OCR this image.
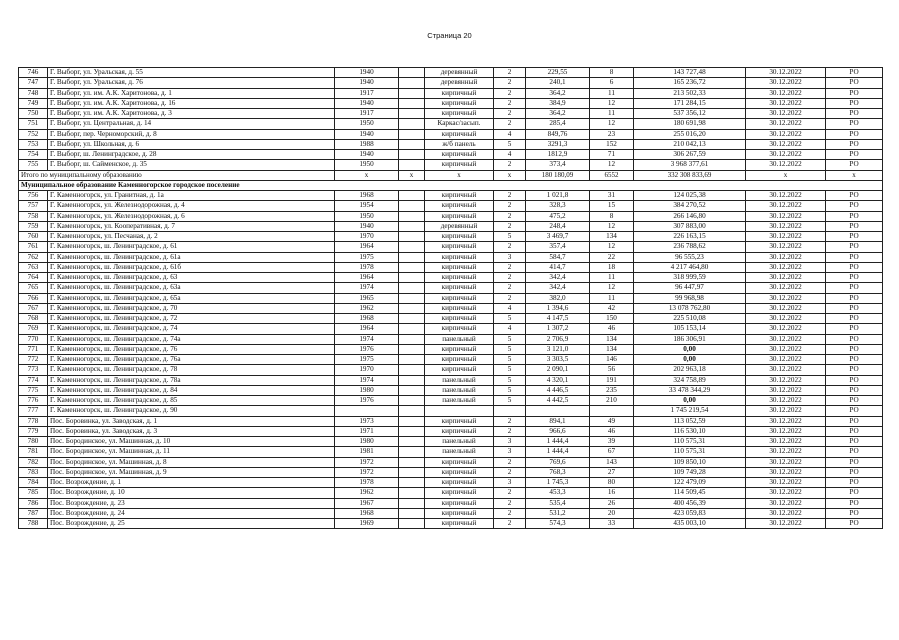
Страница 20
746	Г. Выборг, ул. Уральская, д. 55	1940		деревянный	2	229,55	8	143 727,48	30.12.2022	РО
747	Г. Выборг, ул. Уральская, д. 76	1940		деревянный	2	240,1	6	165 236,72	30.12.2022	РО
748	Г. Выборг, ул. им. А.К. Харитонова, д. 1	1917		кирпичный	2	364,2	11	213 502,33	30.12.2022	РО
749	Г. Выборг, ул. им. А.К. Харитонова, д. 16	1940		кирпичный	2	384,9	12	171 284,15	30.12.2022	РО
750	Г. Выборг, ул. им. А.К. Харитонова, д. 3	1917		кирпичный	2	364,2	11	537 356,12	30.12.2022	РО
751	Г. Выборг, ул. Центральная, д. 14	1950		Каркас/засып.	2	285,4	12	180 691,98	30.12.2022	РО
752	Г. Выборг, пер. Черноморский, д. 8	1940		кирпичный	4	849,76	23	255 016,20	30.12.2022	РО
753	Г. Выборг, ул. Школьная, д. 6	1988		ж/б панель	5	3291,3	152	210 042,13	30.12.2022	РО
754	Г. Выборг, ш. Ленинградское, д. 28	1940		кирпичный	4	1812,9	71	306 267,59	30.12.2022	РО
755	Г. Выборг, ш. Сайменское, д. 35	1950		кирпичный	2	373,4	12	3 968 377,61	30.12.2022	РО
Итого по муниципальному образованию		x	x	x	x	180 180,09	6552	332 308 833,69	x	x
Муниципальное образование Каменногорское городское поселение										
756	Г. Каменногорск, ул. Гранитная, д. 1а	1968		кирпичный	2	1 021,8	31	124 025,38	30.12.2022	РО
757	Г. Каменногорск, ул. Железнодорожная, д. 4	1954		кирпичный	2	328,3	15	384 270,52	30.12.2022	РО
758	Г. Каменногорск, ул. Железнодорожная, д. 6	1950		кирпичный	2	475,2	8	266 146,80	30.12.2022	РО
759	Г. Каменногорск, ул. Кооперативная, д. 7	1940		деревянный	2	248,4	12	307 883,00	30.12.2022	РО
760	Г. Каменногорск, ул. Песчаная, д. 2	1970		кирпичный	5	3 469,7	134	226 163,15	30.12.2022	РО
761	Г. Каменногорск, ш. Ленинградское, д. 61	1964		кирпичный	2	357,4	12	236 788,62	30.12.2022	РО
762	Г. Каменногорск, ш. Ленинградское, д. 61а	1975		кирпичный	3	584,7	22	96 555,23	30.12.2022	РО
763	Г. Каменногорск, ш. Ленинградское, д. 61б	1978		кирпичный	2	414,7	18	4 217 464,80	30.12.2022	РО
764	Г. Каменногорск, ш. Ленинградское, д. 63	1964		кирпичный	2	342,4	11	318 999,59	30.12.2022	РО
765	Г. Каменногорск, ш. Ленинградское, д. 63а	1974		кирпичный	2	342,4	12	96 447,97	30.12.2022	РО
766	Г. Каменногорск, ш. Ленинградское, д. 65а	1965		кирпичный	2	382,0	11	99 968,98	30.12.2022	РО
767	Г. Каменногорск, ш. Ленинградское, д. 70	1962		кирпичный	4	1 394,6	42	13 078 762,80	30.12.2022	РО
768	Г. Каменногорск, ш. Ленинградское, д. 72	1968		кирпичный	5	4 147,5	150	225 510,08	30.12.2022	РО
769	Г. Каменногорск, ш. Ленинградское, д. 74	1964		кирпичный	4	1 307,2	46	105 153,14	30.12.2022	РО
770	Г. Каменногорск, ш. Ленинградское, д. 74а	1974		панельный	5	2 706,9	134	186 306,91	30.12.2022	РО
771	Г. Каменногорск, ш. Ленинградское, д. 76	1976		кирпичный	5	3 121,0	134	0,00	30.12.2022	РО
772	Г. Каменногорск, ш. Ленинградское, д. 76а	1975		кирпичный	5	3 303,5	146	0,00	30.12.2022	РО
773	Г. Каменногорск, ш. Ленинградское, д. 78	1970		кирпичный	5	2 090,1	56	202 963,18	30.12.2022	РО
774	Г. Каменногорск, ш. Ленинградское, д. 78а	1974		панельный	5	4 320,1	191	324 758,89	30.12.2022	РО
775	Г. Каменногорск, ш. Ленинградское, д. 84	1980		панельный	5	4 446,5	235	33 478 344,29	30.12.2022	РО
776	Г. Каменногорск, ш. Ленинградское, д. 85	1976		панельный	5	4 442,5	210	0,00	30.12.2022	РО
777	Г. Каменногорск, ш. Ленинградское, д. 90							1 745 219,54	30.12.2022	РО
778	Пос. Боровинка, ул. Заводская, д. 1	1973		кирпичный	2	894,1	49	113 052,59	30.12.2022	РО
779	Пос. Боровинка, ул. Заводская, д. 3	1971		кирпичный	2	966,6	46	116 530,10	30.12.2022	РО
780	Пос. Бородинское, ул. Машинная, д. 10	1980		панельный	3	1 444,4	39	110 575,31	30.12.2022	РО
781	Пос. Бородинское, ул. Машинная, д. 11	1981		панельный	3	1 444,4	67	110 575,31	30.12.2022	РО
782	Пос. Бородинское, ул. Машинная, д. 8	1972		кирпичный	2	769,6	143	109 850,10	30.12.2022	РО
783	Пос. Бородинское, ул. Машинная, д. 9	1972		кирпичный	2	768,3	27	109 749,28	30.12.2022	РО
784	Пос. Возрождение, д. 1	1978		кирпичный	3	1 745,3	80	122 479,09	30.12.2022	РО
785	Пос. Возрождение, д. 10	1962		кирпичный	2	453,3	16	114 509,45	30.12.2022	РО
786	Пос. Возрождение, д. 23	1967		кирпичный	2	535,4	26	400 456,39	30.12.2022	РО
787	Пос. Возрождение, д. 24	1968		кирпичный	2	531,2	20	423 059,83	30.12.2022	РО
788	Пос. Возрождение, д. 25	1969		кирпичный	2	574,3	33	435 003,10	30.12.2022	РО
